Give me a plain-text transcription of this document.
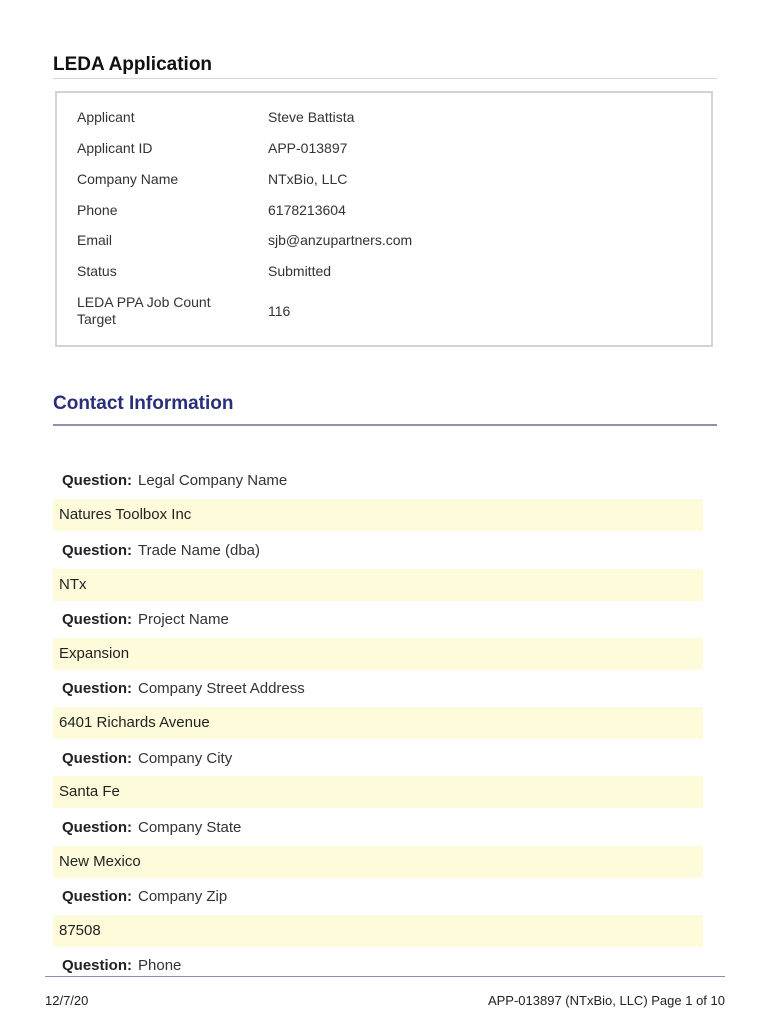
LEDA Application
Applicant	Steve Battista
Applicant ID	APP-013897
Company Name	NTxBio, LLC
Phone	6178213604
Email	sjb@anzupartners.com
Status	Submitted
LEDA PPA Job Count Target	116
Contact Information
Question: Legal Company Name
Natures Toolbox Inc
Question: Trade Name (dba)
NTx
Question: Project Name
Expansion
Question: Company Street Address
6401 Richards Avenue
Question: Company City
Santa Fe
Question: Company State
New Mexico
Question: Company Zip
87508
Question: Phone
12/7/20	APP-013897 (NTxBio, LLC) Page 1 of 10
